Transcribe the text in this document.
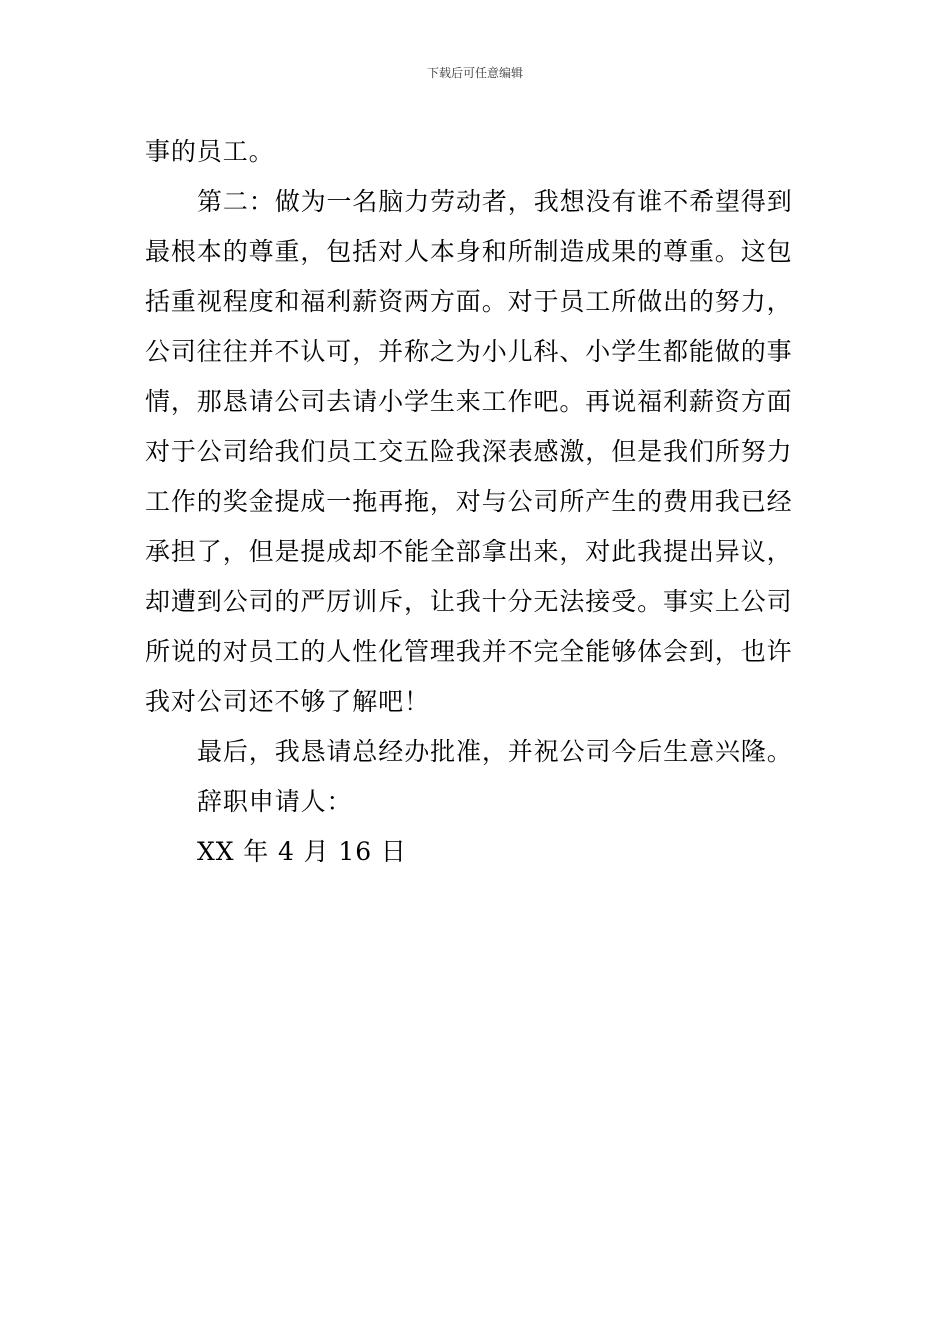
下载后可任意编辑
事的员工。
第二：做为一名脑力劳动者，我想没有谁不希望得到
最根本的尊重，包括对人本身和所制造成果的尊重。这包
括重视程度和福利薪资两方面。对于员工所做出的努力，
公司往往并不认可，并称之为小儿科、小学生都能做的事
情，那恳请公司去请小学生来工作吧。再说福利薪资方面
对于公司给我们员工交五险我深表感激，但是我们所努力
工作的奖金提成一拖再拖，对与公司所产生的费用我已经
承担了，但是提成却不能全部拿出来，对此我提出异议，
却遭到公司的严厉训斥，让我十分无法接受。事实上公司
所说的对员工的人性化管理我并不完全能够体会到，也许
我对公司还不够了解吧！
最后，我恳请总经办批准，并祝公司今后生意兴隆。
辞职申请人：
XX 年 4 月 16 日
